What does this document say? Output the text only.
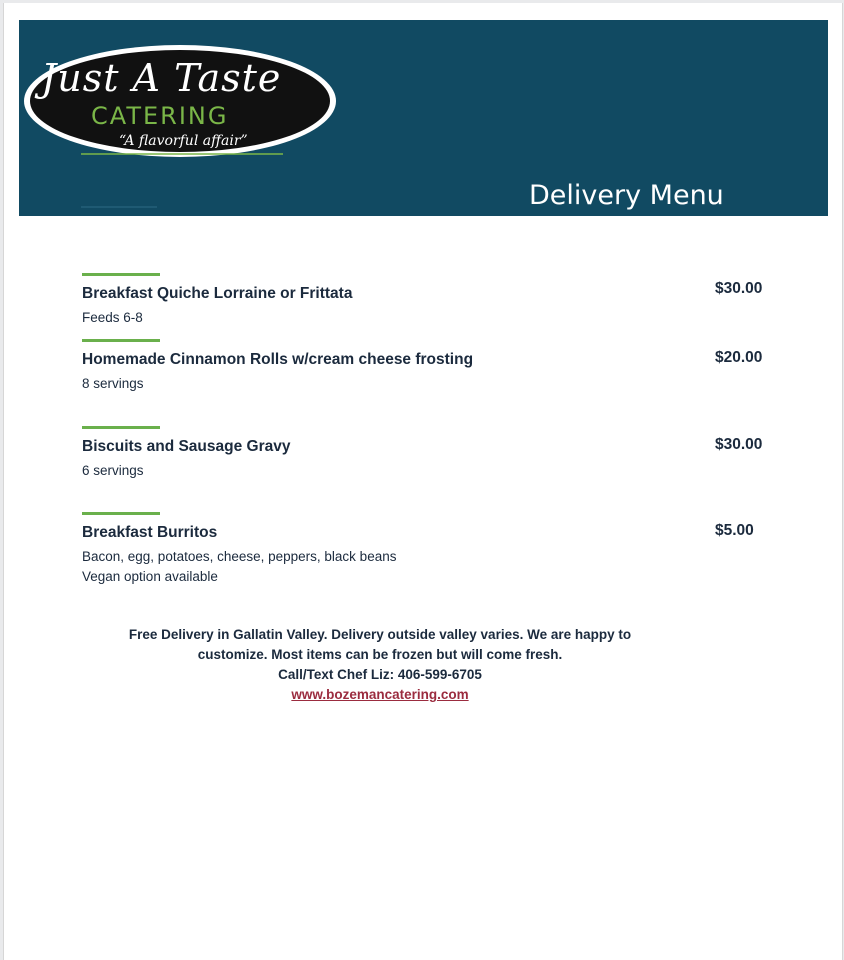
Just A Taste
CATERING
“A flavorful affair”
Delivery Menu
Breakfast Quiche Lorraine or Frittata
Feeds 6-8
$30.00
Homemade Cinnamon Rolls w/cream cheese frosting
8 servings
$20.00
Biscuits and Sausage Gravy
6 servings
$30.00
Breakfast Burritos
Bacon, egg, potatoes, cheese, peppers, black beans
Vegan option available
$5.00
Free Delivery in Gallatin Valley. Delivery outside valley varies. We are happy to
customize. Most items can be frozen but will come fresh.
Call/Text Chef Liz: 406-599-6705
www.bozemancatering.com
